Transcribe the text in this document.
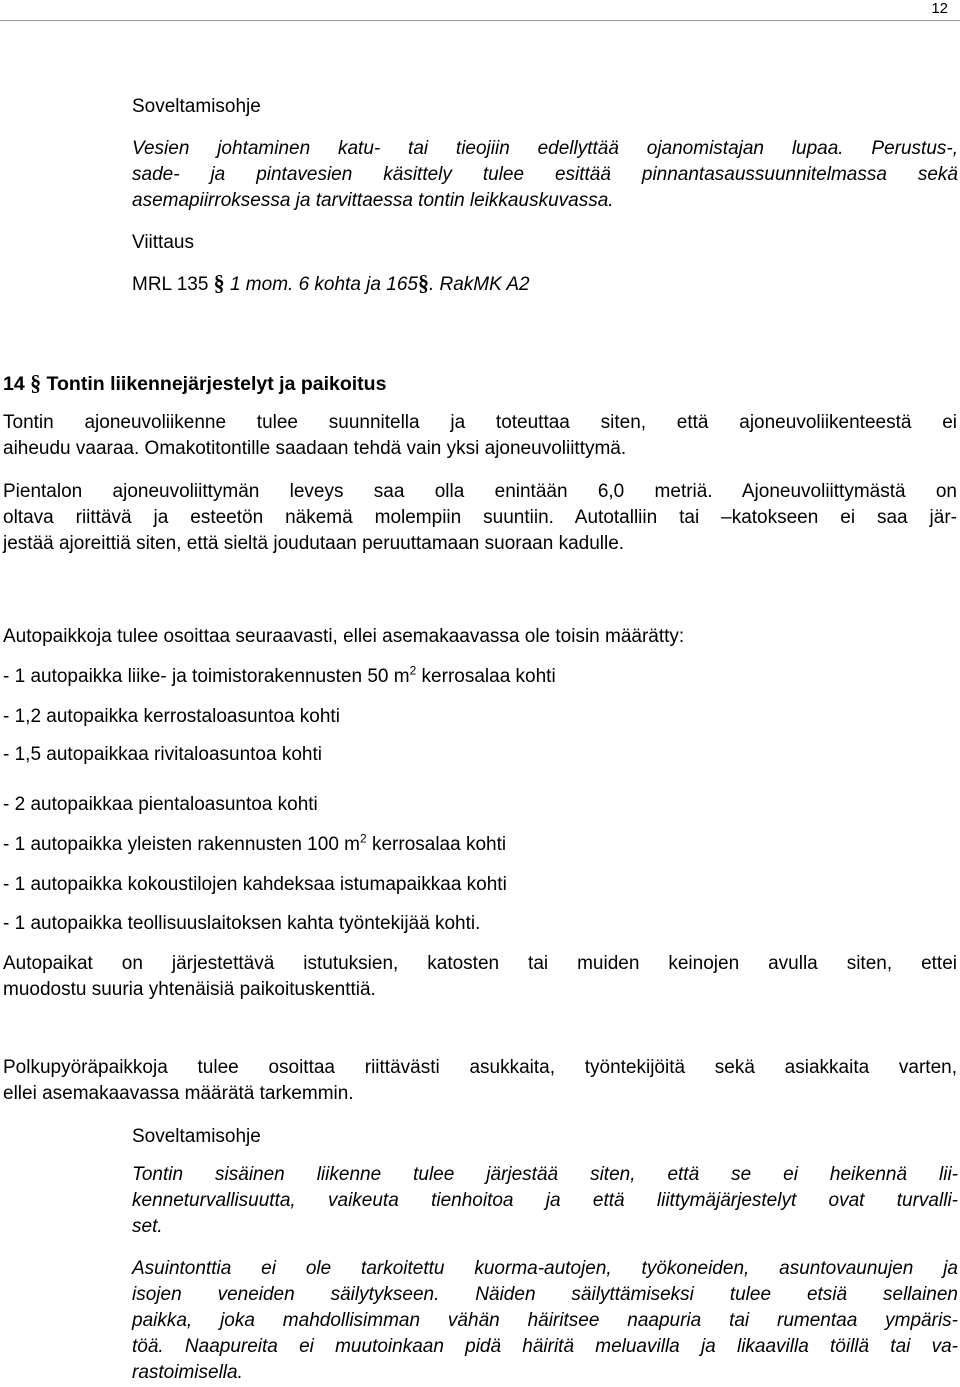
12
Soveltamisohje
Vesien johtaminen katu- tai tieojiin edellyttää ojanomistajan lupaa. Perustus-,
sade- ja pintavesien käsittely tulee esittää pinnantasaussuunnitelmassa sekä
asemapiirroksessa ja tarvittaessa tontin leikkauskuvassa.
Viittaus
MRL 135 § 1 mom. 6 kohta ja 165§. RakMK A2
14 § Tontin liikennejärjestelyt ja paikoitus
Tontin ajoneuvoliikenne tulee suunnitella ja toteuttaa siten, että ajoneuvoliikenteestä ei
aiheudu vaaraa. Omakotitontille saadaan tehdä vain yksi ajoneuvoliittymä.
Pientalon ajoneuvoliittymän leveys saa olla enintään 6,0 metriä. Ajoneuvoliittymästä on
oltava riittävä ja esteetön näkemä molempiin suuntiin. Autotalliin tai –katokseen ei saa jär-
jestää ajoreittiä siten, että sieltä joudutaan peruuttamaan suoraan kadulle.
Autopaikkoja tulee osoittaa seuraavasti, ellei asemakaavassa ole toisin määrätty:
- 1 autopaikka liike- ja toimistorakennusten 50 $m^2$ kerrosalaa kohti
- 1,2 autopaikka kerrostaloasuntoa kohti
- 1,5 autopaikkaa rivitaloasuntoa kohti
- 2 autopaikkaa pientaloasuntoa kohti
- 1 autopaikka yleisten rakennusten 100 $m^2$ kerrosalaa kohti
- 1 autopaikka kokoustilojen kahdeksaa istumapaikkaa kohti
- 1 autopaikka teollisuuslaitoksen kahta työntekijää kohti.
Autopaikat on järjestettävä istutuksien, katosten tai muiden keinojen avulla siten, ettei
muodostu suuria yhtenäisiä paikoituskenttiä.
Polkupyöräpaikkoja tulee osoittaa riittävästi asukkaita, työntekijöitä sekä asiakkaita varten,
ellei asemakaavassa määrätä tarkemmin.
Soveltamisohje
Tontin sisäinen liikenne tulee järjestää siten, että se ei heikennä lii-
kenneturvallisuutta, vaikeuta tienhoitoa ja että liittymäjärjestelyt ovat turvalli-
set.
Asuintonttia ei ole tarkoitettu kuorma-autojen, työkoneiden, asuntovaunujen ja
isojen veneiden säilytykseen. Näiden säilyttämiseksi tulee etsiä sellainen
paikka, joka mahdollisimman vähän häiritsee naapuria tai rumentaa ympäris-
töä. Naapureita ei muutoinkaan pidä häiritä meluavilla ja likaavilla töillä tai va-
rastoimisella.
